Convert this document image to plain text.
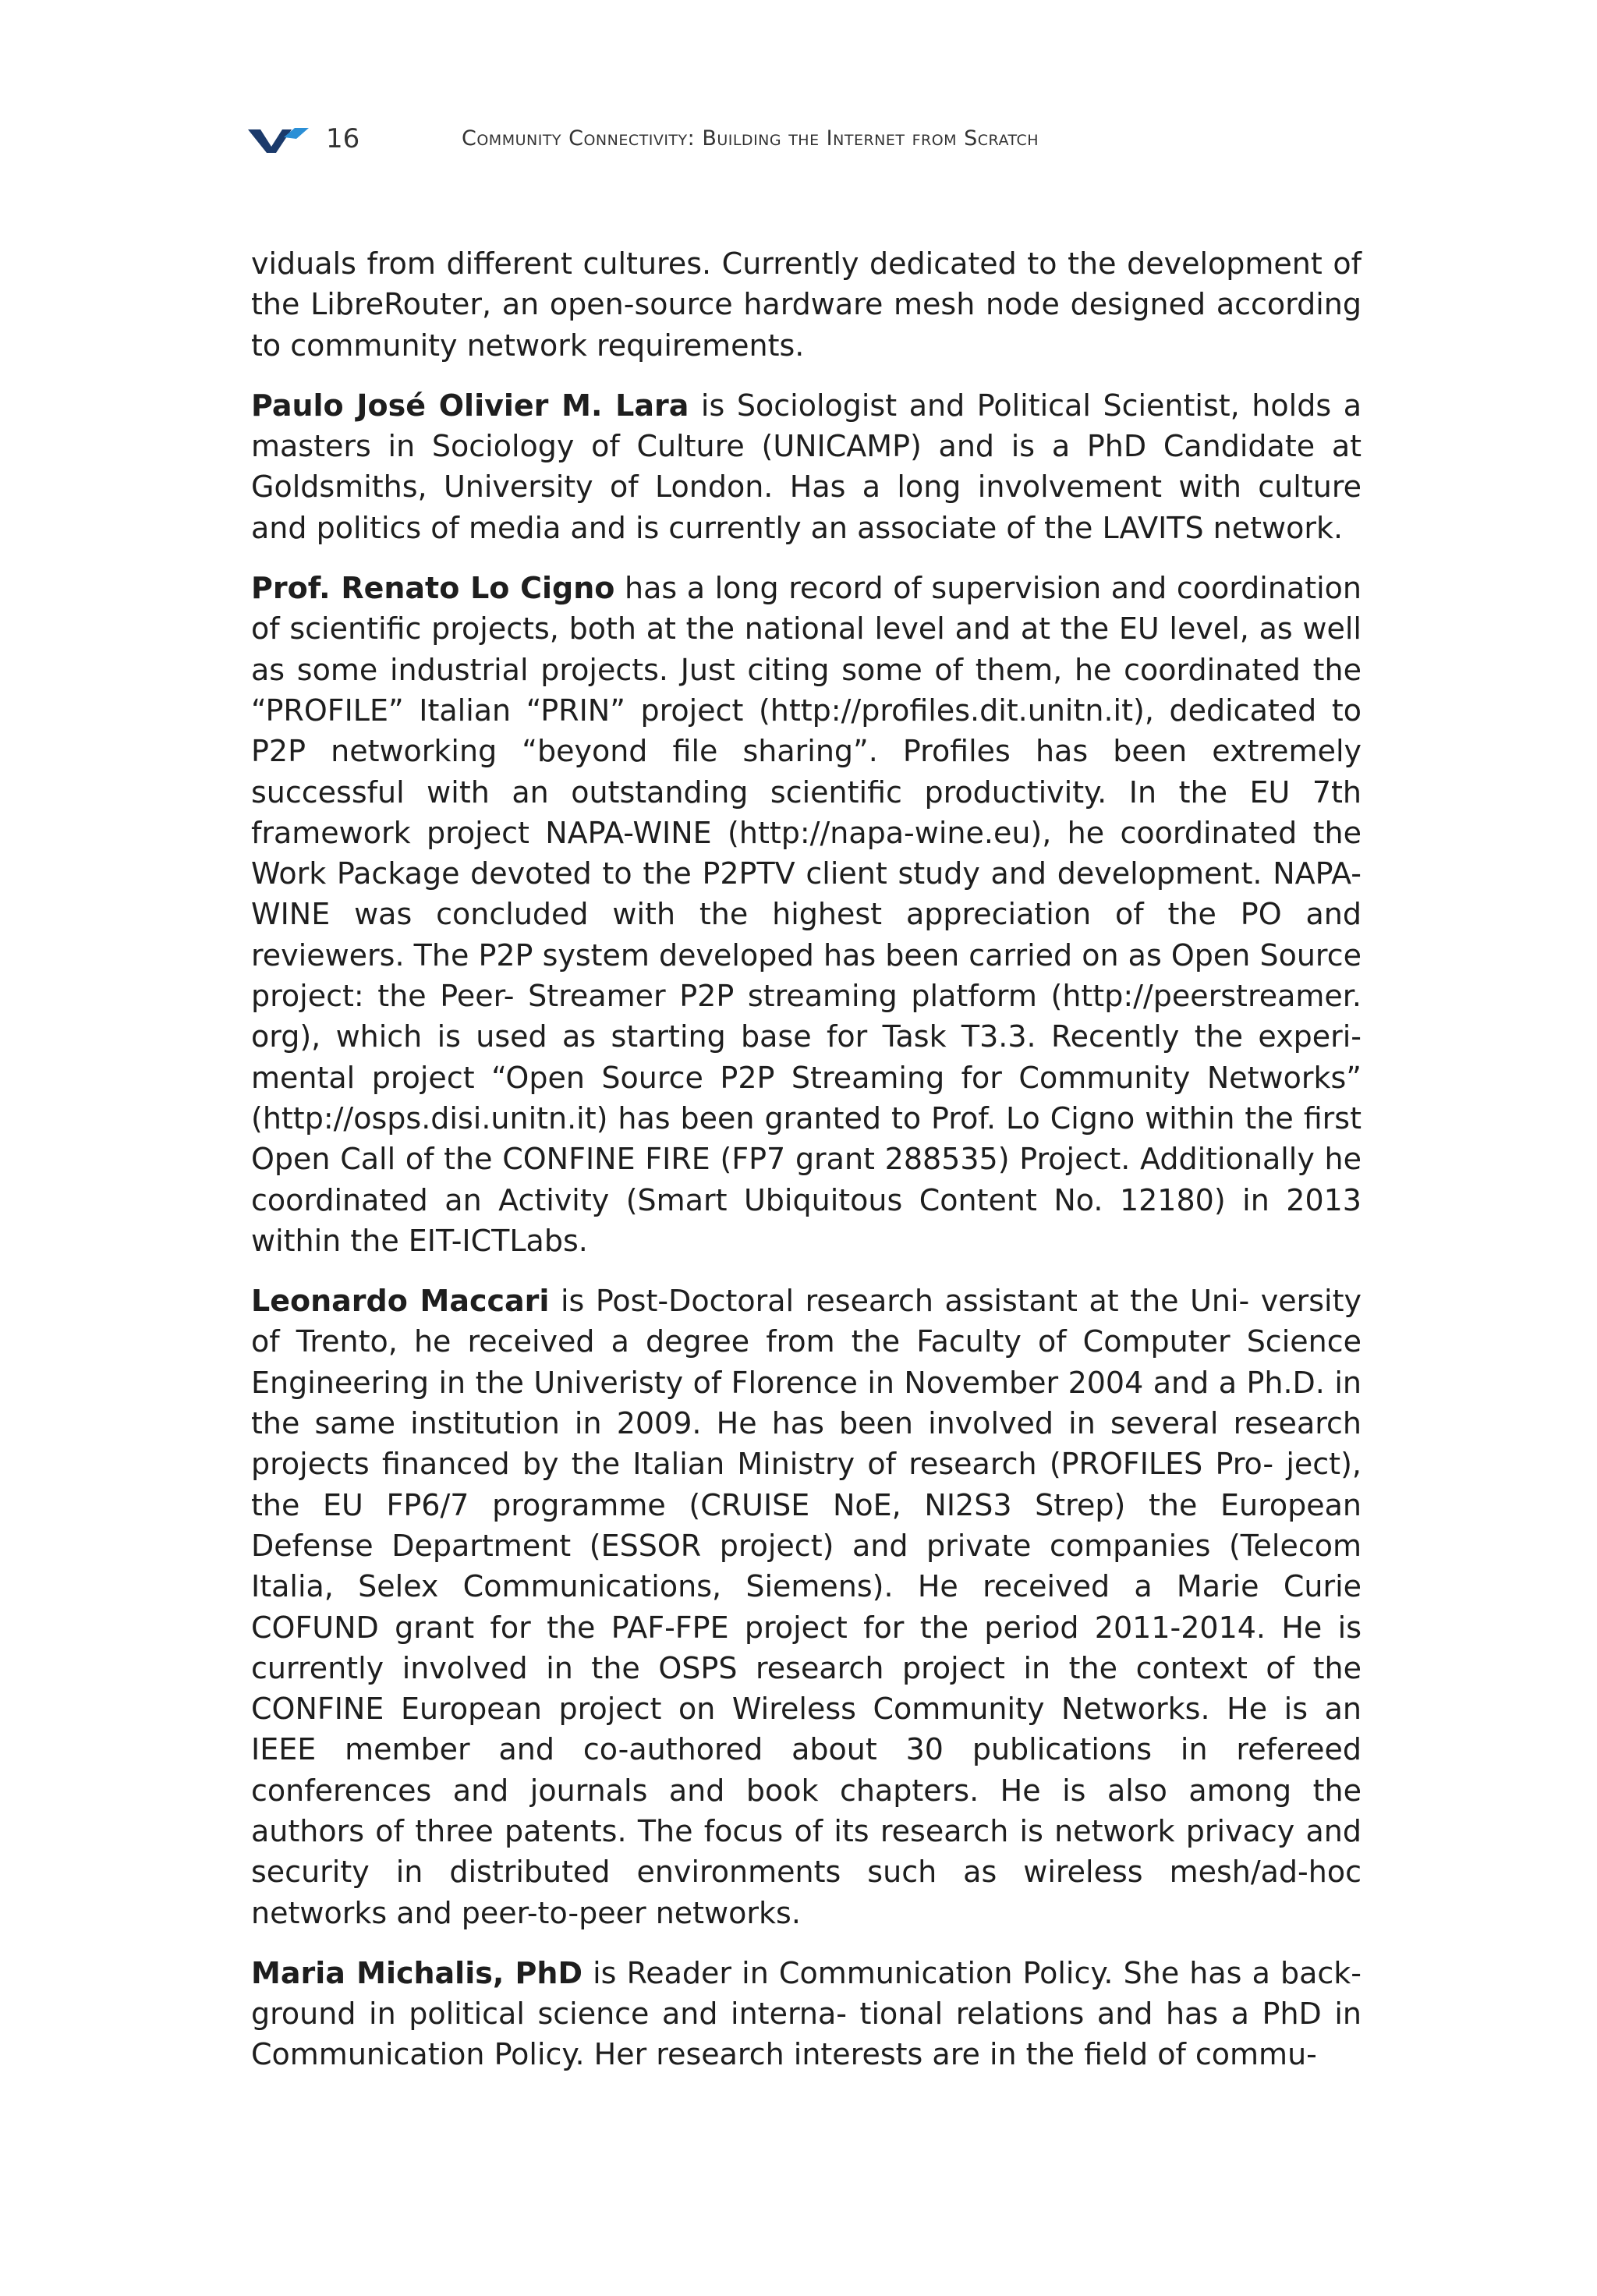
16	Community Connectivity: Building the Internet from Scratch

viduals from different cultures. Currently dedicated to the development of the LibreRouter, an open-source hardware mesh node designed according to community network requirements.

Paulo José Olivier M. Lara is Sociologist and Political Scientist, holds a masters in Sociology of Culture (UNICAMP) and is a PhD Candidate at Goldsmiths, University of London. Has a long involvement with culture and politics of media and is currently an associate of the LAVITS network.

Prof. Renato Lo Cigno has a long record of supervision and coordination of scientific projects, both at the national level and at the EU level, as well as some industrial projects. Just citing some of them, he coordinated the “PROFILE” Italian “PRIN” project (http://profiles.dit.unitn.it), dedicated to P2P networking “beyond file sharing”. Profiles has been extremely successful with an outstanding scientific productivity. In the EU 7th framework project NAPA-WINE (http://napa-wine.eu), he coordinated the Work Package devoted to the P2PTV client study and development. NAPA-WINE was concluded with the highest appreciation of the PO and reviewers. The P2P system developed has been carried on as Open Source project: the Peer- Streamer P2P streaming platform (http://peerstreamer.​org), which is used as starting base for Task T3.3. Recently the experimental project “Open Source P2P Streaming for Community Networks” (http://osps.disi.unitn.it) has been granted to Prof. Lo Cigno within the first Open Call of the CONFINE FIRE (FP7 grant 288535) Project. Additionally he coordinated an Activity (Smart Ubiquitous Content No. 12180) in 2013 within the EIT-ICTLabs.

Leonardo Maccari is Post-Doctoral research assistant at the Uni- versity of Trento, he received a degree from the Faculty of Computer Science Engineering in the Univeristy of Florence in November 2004 and a Ph.D. in the same institution in 2009. He has been involved in several research projects financed by the Italian Ministry of research (PROFILES Pro- ject), the EU FP6/7 programme (CRUISE NoE, NI2S3 Strep) the European Defense Department (ESSOR project) and private companies (Telecom Italia, Selex Communications, Siemens). He received a Marie Curie COFUND grant for the PAF-FPE project for the period 2011-2014. He is currently involved in the OSPS research project in the context of the CONFINE European project on Wireless Community Networks. He is an IEEE member and co-authored about 30 publications in refereed conferences and journals and book chapters. He is also among the authors of three patents. The focus of its research is network privacy and security in distributed environments such as wireless mesh/ad-hoc networks and peer-to-peer networks.

Maria Michalis, PhD is Reader in Communication Policy. She has a background in political science and interna- tional relations and has a PhD in Communication Policy. Her research interests are in the field of commu-
